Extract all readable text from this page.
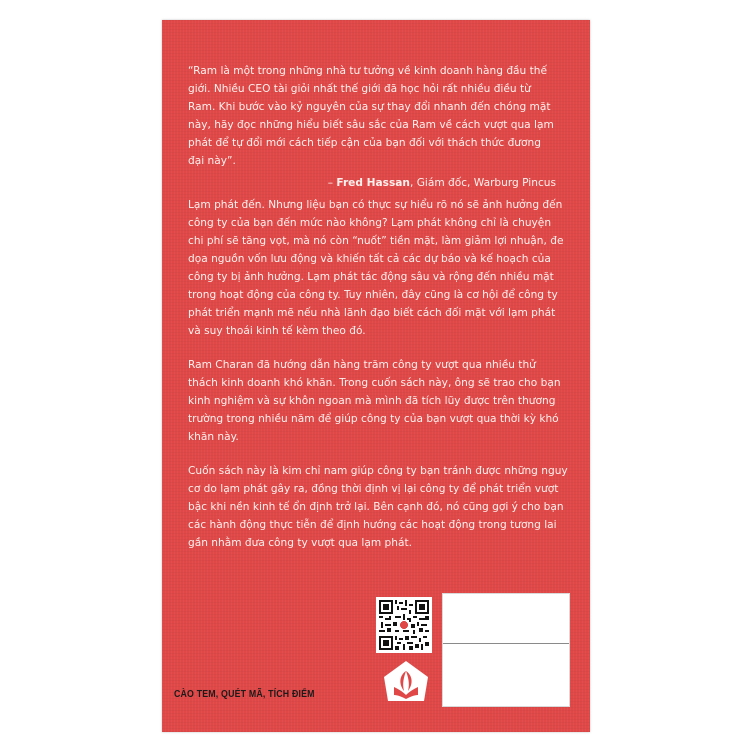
“Ram là một trong những nhà tư tưởng về kinh doanh hàng đầu thế giới. Nhiều CEO tài giỏi nhất thế giới đã học hỏi rất nhiều điều từ Ram. Khi bước vào kỷ nguyên của sự thay đổi nhanh đến chóng mặt này, hãy đọc những hiểu biết sâu sắc của Ram về cách vượt qua lạm phát để tự đổi mới cách tiếp cận của bạn đối với thách thức đương đại này”.

– Fred Hassan, Giám đốc, Warburg Pincus

Lạm phát đến. Nhưng liệu bạn có thực sự hiểu rõ nó sẽ ảnh hưởng đến công ty của bạn đến mức nào không? Lạm phát không chỉ là chuyện chi phí sẽ tăng vọt, mà nó còn “nuốt” tiền mặt, làm giảm lợi nhuận, đe dọa nguồn vốn lưu động và khiến tất cả các dự báo và kế hoạch của công ty bị ảnh hưởng. Lạm phát tác động sâu và rộng đến nhiều mặt trong hoạt động của công ty. Tuy nhiên, đây cũng là cơ hội để công ty phát triển mạnh mẽ nếu nhà lãnh đạo biết cách đối mặt với lạm phát và suy thoái kinh tế kèm theo đó.

Ram Charan đã hướng dẫn hàng trăm công ty vượt qua nhiều thử thách kinh doanh khó khăn. Trong cuốn sách này, ông sẽ trao cho bạn kinh nghiệm và sự khôn ngoan mà mình đã tích lũy được trên thương trường trong nhiều năm để giúp công ty của bạn vượt qua thời kỳ khó khăn này.

Cuốn sách này là kim chỉ nam giúp công ty bạn tránh được những nguy cơ do lạm phát gây ra, đồng thời định vị lại công ty để phát triển vượt bậc khi nền kinh tế ổn định trở lại. Bên cạnh đó, nó cũng gợi ý cho bạn các hành động thực tiễn để định hướng các hoạt động trong tương lai gần nhằm đưa công ty vượt qua lạm phát.

CÀO TEM, QUÉT MÃ, TÍCH ĐIỂM
